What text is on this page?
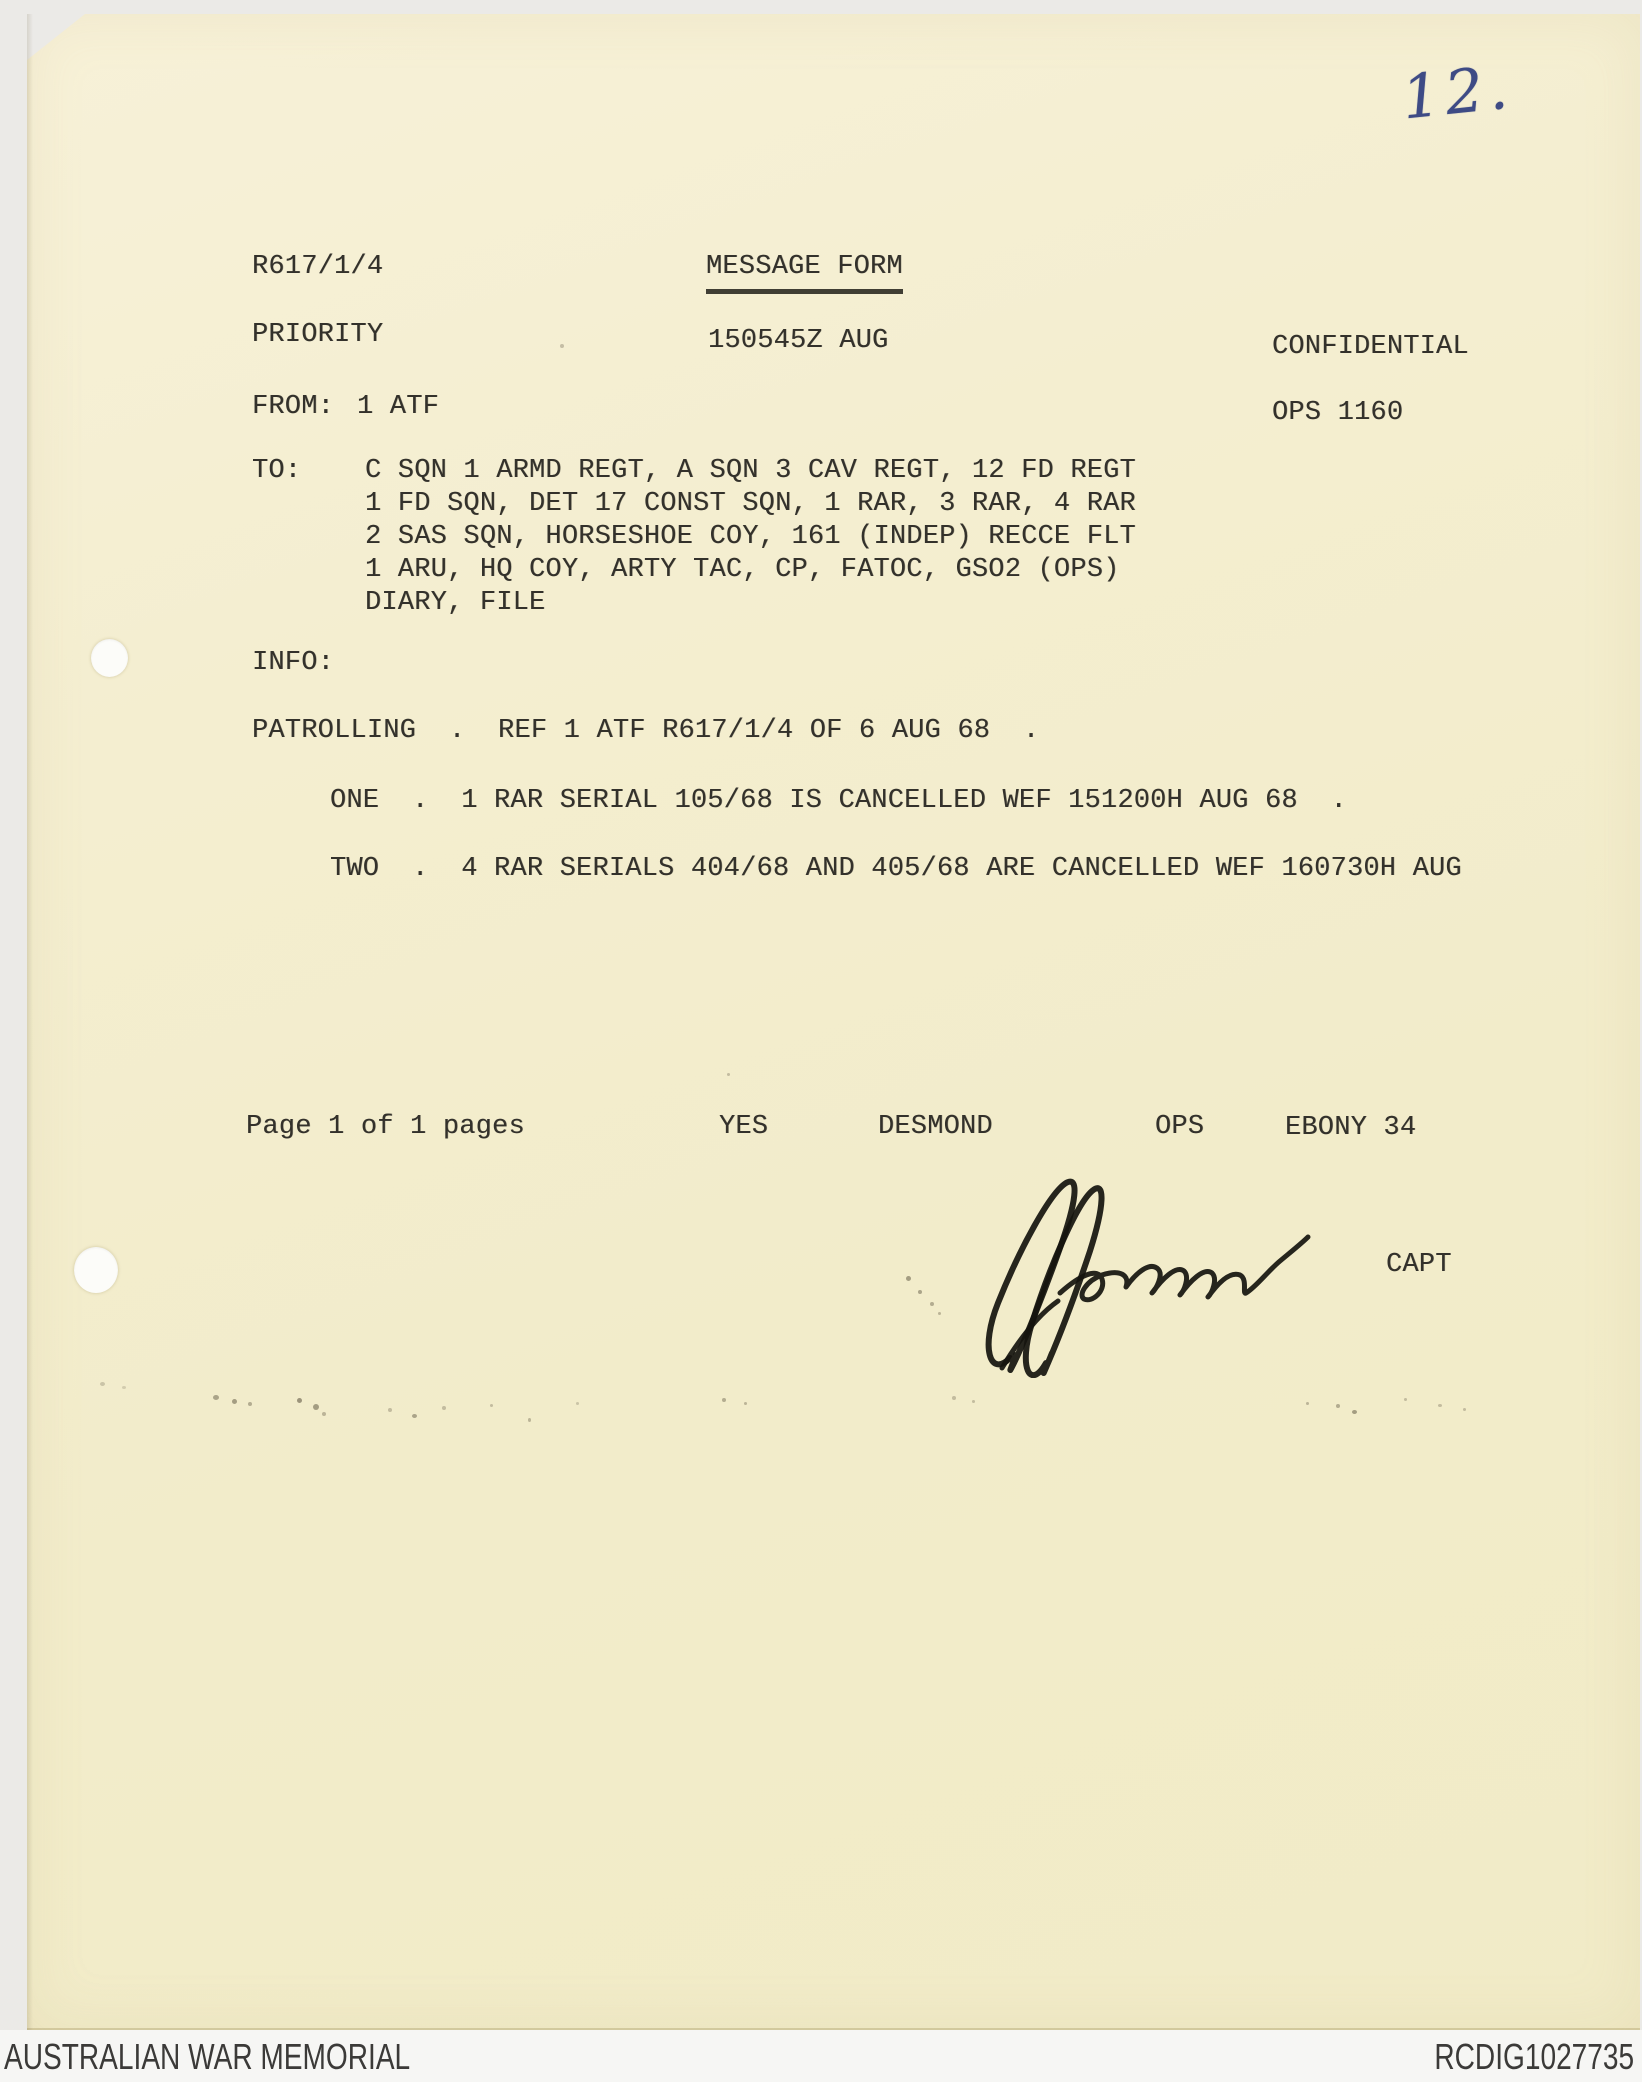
12.
R617/1/4	MESSAGE FORM
PRIORITY	150545Z AUG	CONFIDENTIAL
FROM: 1 ATF	OPS 1160
TO: C SQN 1 ARMD REGT, A SQN 3 CAV REGT, 12 FD REGT
1 FD SQN, DET 17 CONST SQN, 1 RAR, 3 RAR, 4 RAR
2 SAS SQN, HORSESHOE COY, 161 (INDEP) RECCE FLT
1 ARU, HQ COY, ARTY TAC, CP, FATOC, GSO2 (OPS)
DIARY, FILE
INFO:
PATROLLING  .  REF 1 ATF R617/1/4 OF 6 AUG 68  .
ONE  .  1 RAR SERIAL 105/68 IS CANCELLED WEF 151200H AUG 68  .
TWO  .  4 RAR SERIALS 404/68 AND 405/68 ARE CANCELLED WEF 160730H AUG
Page 1 of 1 pages	YES	DESMOND	OPS	EBONY 34
CAPT
AUSTRALIAN WAR MEMORIAL	RCDIG1027735
